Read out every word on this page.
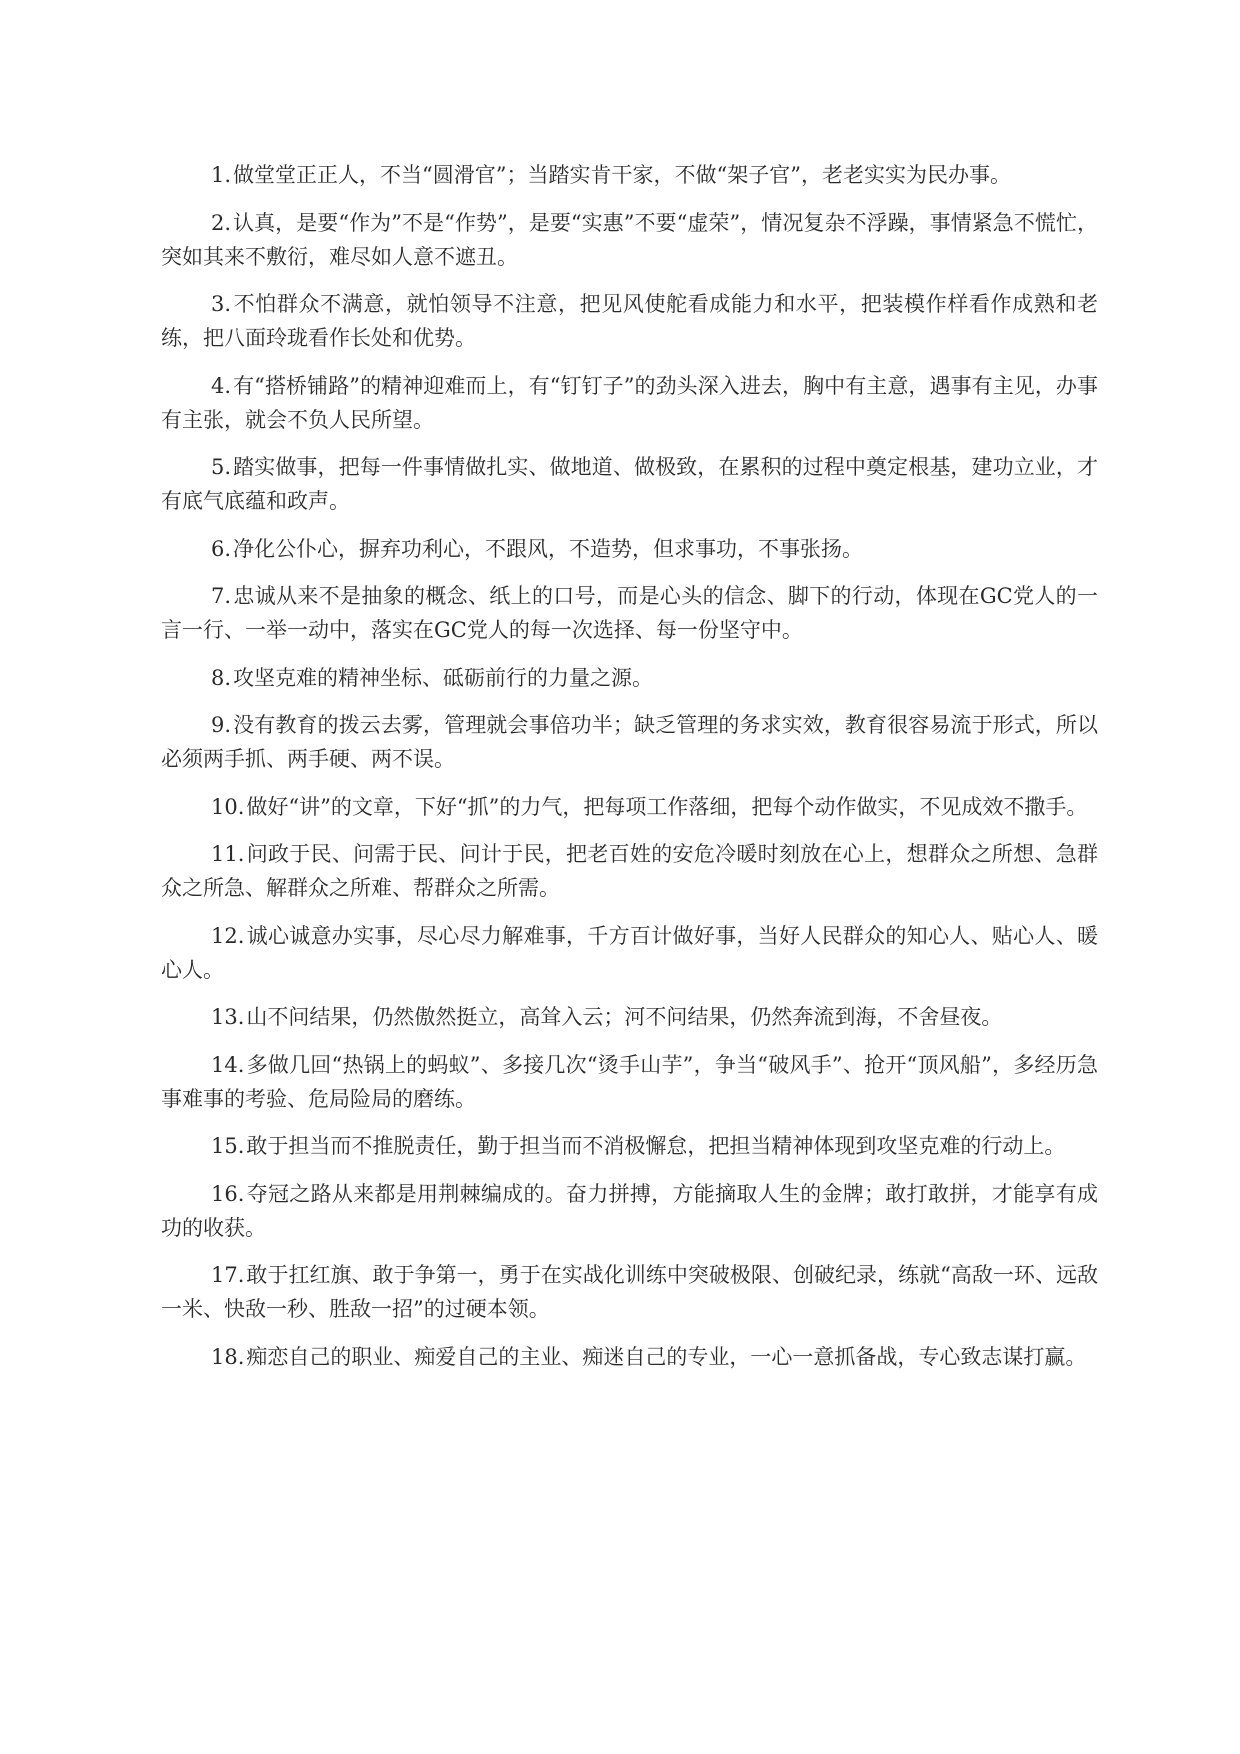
1.做堂堂正正人，不当“圆滑官”；当踏实肯干家，不做“架子官”，老老实实为民办事。

2.认真，是要“作为”不是“作势”，是要“实惠”不要“虚荣”，情况复杂不浮躁，事情紧急不慌忙，突如其来不敷衍，难尽如人意不遮丑。

3.不怕群众不满意，就怕领导不注意，把见风使舵看成能力和水平，把装模作样看作成熟和老练，把八面玲珑看作长处和优势。

4.有“搭桥铺路”的精神迎难而上，有“钉钉子”的劲头深入进去，胸中有主意，遇事有主见，办事有主张，就会不负人民所望。

5.踏实做事，把每一件事情做扎实、做地道、做极致，在累积的过程中奠定根基，建功立业，才有底气底蕴和政声。

6.净化公仆心，摒弃功利心，不跟风，不造势，但求事功，不事张扬。

7.忠诚从来不是抽象的概念、纸上的口号，而是心头的信念、脚下的行动，体现在GC党人的一言一行、一举一动中，落实在GC党人的每一次选择、每一份坚守中。

8.攻坚克难的精神坐标、砥砺前行的力量之源。

9.没有教育的拨云去雾，管理就会事倍功半；缺乏管理的务求实效，教育很容易流于形式，所以必须两手抓、两手硬、两不误。

10.做好“讲”的文章，下好“抓”的力气，把每项工作落细，把每个动作做实，不见成效不撒手。

11.问政于民、问需于民、问计于民，把老百姓的安危冷暖时刻放在心上，想群众之所想、急群众之所急、解群众之所难、帮群众之所需。

12.诚心诚意办实事，尽心尽力解难事，千方百计做好事，当好人民群众的知心人、贴心人、暖心人。

13.山不问结果，仍然傲然挺立，高耸入云；河不问结果，仍然奔流到海，不舍昼夜。

14.多做几回“热锅上的蚂蚁”、多接几次“烫手山芋”，争当“破风手”、抢开“顶风船”，多经历急事难事的考验、危局险局的磨练。

15.敢于担当而不推脱责任，勤于担当而不消极懈怠，把担当精神体现到攻坚克难的行动上。

16.夺冠之路从来都是用荆棘编成的。奋力拼搏，方能摘取人生的金牌；敢打敢拼，才能享有成功的收获。

17.敢于扛红旗、敢于争第一，勇于在实战化训练中突破极限、创破纪录，练就“高敌一环、远敌一米、快敌一秒、胜敌一招”的过硬本领。

18.痴恋自己的职业、痴爱自己的主业、痴迷自己的专业，一心一意抓备战，专心致志谋打赢。
